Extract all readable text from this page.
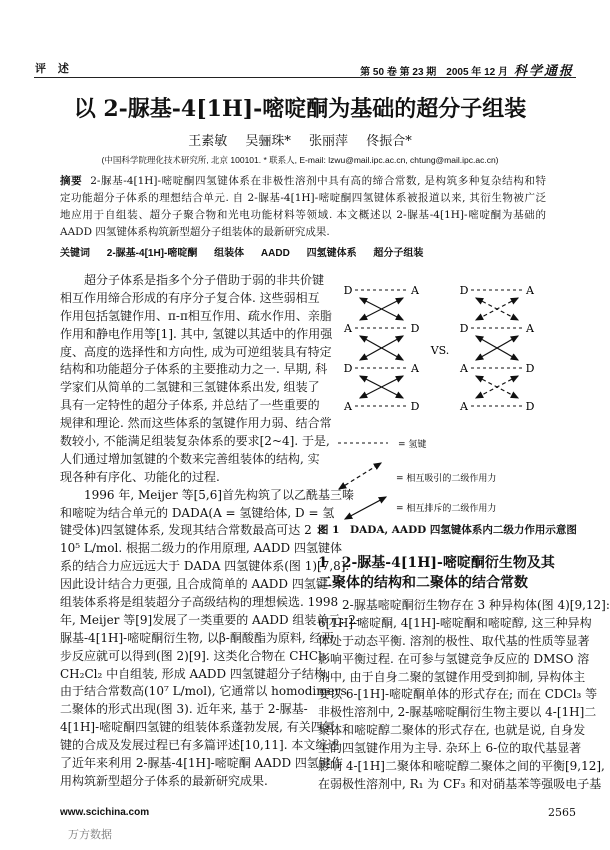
评 述	第 50 卷 第 23 期　2005 年 12 月 科学通报
以 2-脲基-4[1H]-嘧啶酮为基础的超分子组装
王素敏 吴骊珠* 张丽萍 佟振合*
(中国科学院理化技术研究所, 北京 100101. * 联系人, E-mail: lzwu@mail.ipc.ac.cn, chtung@mail.ipc.ac.cn)
摘要 2-脲基-4[1H]-嘧啶酮四氢键体系在非极性溶剂中具有高的缔合常数, 是构筑多种复杂结构和特
定功能超分子体系的理想结合单元. 自 2-脲基-4[1H]-嘧啶酮四氢键体系被报道以来, 其衍生物被广泛
地应用于自组装、超分子聚合物和光电功能材料等领域. 本文概述以 2-脲基-4[1H]-嘧啶酮为基础的
AADD 四氢键体系构筑新型超分子组装体的最新研究成果.
关键词 2-脲基-4[1H]-嘧啶酮 组装体 AADD 四氢键体系 超分子组装
超分子体系是指多个分子借助于弱的非共价键
相互作用缔合形成的有序分子复合体. 这些弱相互
作用包括氢键作用、π-π相互作用、疏水作用、亲脂
作用和静电作用等[1]. 其中, 氢键以其适中的作用强
度、高度的选择性和方向性, 成为可逆组装具有特定
结构和功能超分子体系的主要推动力之一. 早期, 科
学家们从简单的二氢键和三氢键体系出发, 组装了
具有一定特性的超分子体系, 并总结了一些重要的
规律和理论. 然而这些体系的氢键作用力弱、结合常
数较小, 不能满足组装复杂体系的要求[2~4]. 于是,
人们通过增加氢键的个数来完善组装体的结构, 实
现各种有序化、功能化的过程.
1996 年, Meijer 等[5,6]首先构筑了以乙酰基三嗪
和嘧啶为结合单元的 DADA(A = 氢键给体, D = 氢
键受体)四氢键体系, 发现其结合常数最高可达 2 ×
10⁵ L/mol. 根据二级力的作用原理, AADD 四氢键体
系的结合力应远远大于 DADA 四氢键体系(图 1)[7,8].
因此设计结合力更强, 且合成简单的 AADD 四氢键
组装体系将是组装超分子高级结构的理想候选. 1998
年, Meijer 等[9]发展了一类重要的 AADD 组装单元: 2-
脲基-4[1H]-嘧啶酮衍生物, 以β-酮酸酯为原料, 经两
步反应就可以得到(图 2)[9]. 这类化合物在 CHCl₃,
CH₂Cl₂ 中自组装, 形成 AADD 四氢键超分子结构.
由于结合常数高(10⁷ L/mol), 它通常以 homodimers
二聚体的形式出现(图 3). 近年来, 基于 2-脲基-
4[1H]-嘧啶酮四氢键的组装体系蓬勃发展, 有关四氢
键的合成及发展过程已有多篇评述[10,11]. 本文综述
了近年来利用 2-脲基-4[1H]-嘧啶酮 AADD 四氢键作
用构筑新型超分子体系的最新研究成果.
D	A
A	D
D	A
A	D
D	A
D	A
A	D
A	D
VS.
= 氢键
= 相互吸引的二级作用力
= 相互排斥的二级作用力
图 1　DADA, AADD 四氢键体系内二级力作用示意图
1　2-脲基-4[1H]-嘧啶酮衍生物及其二聚体的结构和二聚体的结合常数
2-脲基嘧啶酮衍生物存在 3 种异构体(图 4)[9,12]:
6[1H]-嘧啶酮, 4[1H]-嘧啶酮和嘧啶醇, 这三种异构
体处于动态平衡. 溶剂的极性、取代基的性质等显著
影响平衡过程. 在可参与氢键竞争反应的 DMSO 溶
剂中, 由于自身二聚的氢键作用受到抑制, 异构体主
要以 6-[1H]-嘧啶酮单体的形式存在; 而在 CDCl₃ 等
非极性溶剂中, 2-脲基嘧啶酮衍生物主要以 4-[1H]二
聚体和嘧啶醇二聚体的形式存在, 也就是说, 自身发
生的四氢键作用为主导. 杂环上 6-位的取代基显著
影响 4-[1H]二聚体和嘧啶醇二聚体之间的平衡[9,12],
在弱极性溶剂中, R₁ 为 CF₃ 和对硝基苯等强吸电子基
www.scichina.com
万方数据
2565
